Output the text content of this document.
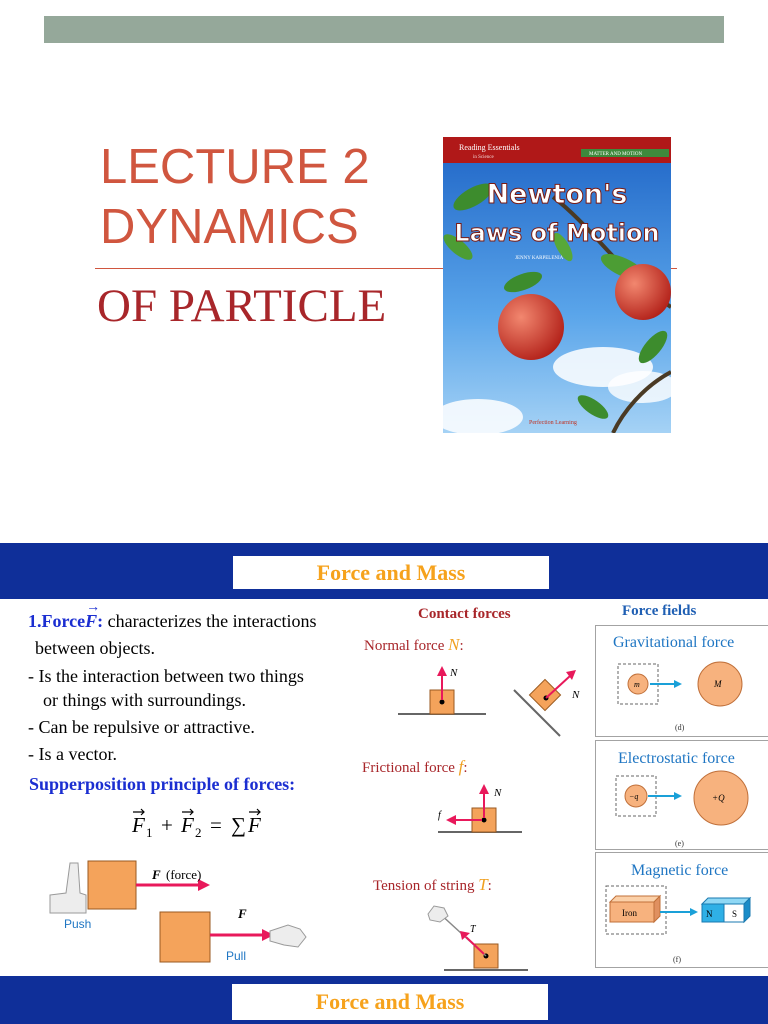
LECTURE 2
DYNAMICS
OF PARTICLE
Reading Essentials
in Science
MATTER AND MOTION
Newton's
Laws of Motion
JENNY KARPELENIA
Perfection Learning
Force and Mass
1.Force
→
F: characterizes the interactions
between objects.
- Is the interaction between two things
or things with surroundings.
- Can be repulsive or attractive.
- Is a vector.
Supperposition principle of forces:
F 1 + F 2 = ∑ F
F (force)
Push
F
Pull
Contact forces
Normal force N:
N
N
Frictional force f:
N
f
Tension of string T:
T
Force fields
Gravitational force
m	M
(d)
Electrostatic force
−q	+Q
(e)
Magnetic force
Iron	N S
(f)
Force and Mass
